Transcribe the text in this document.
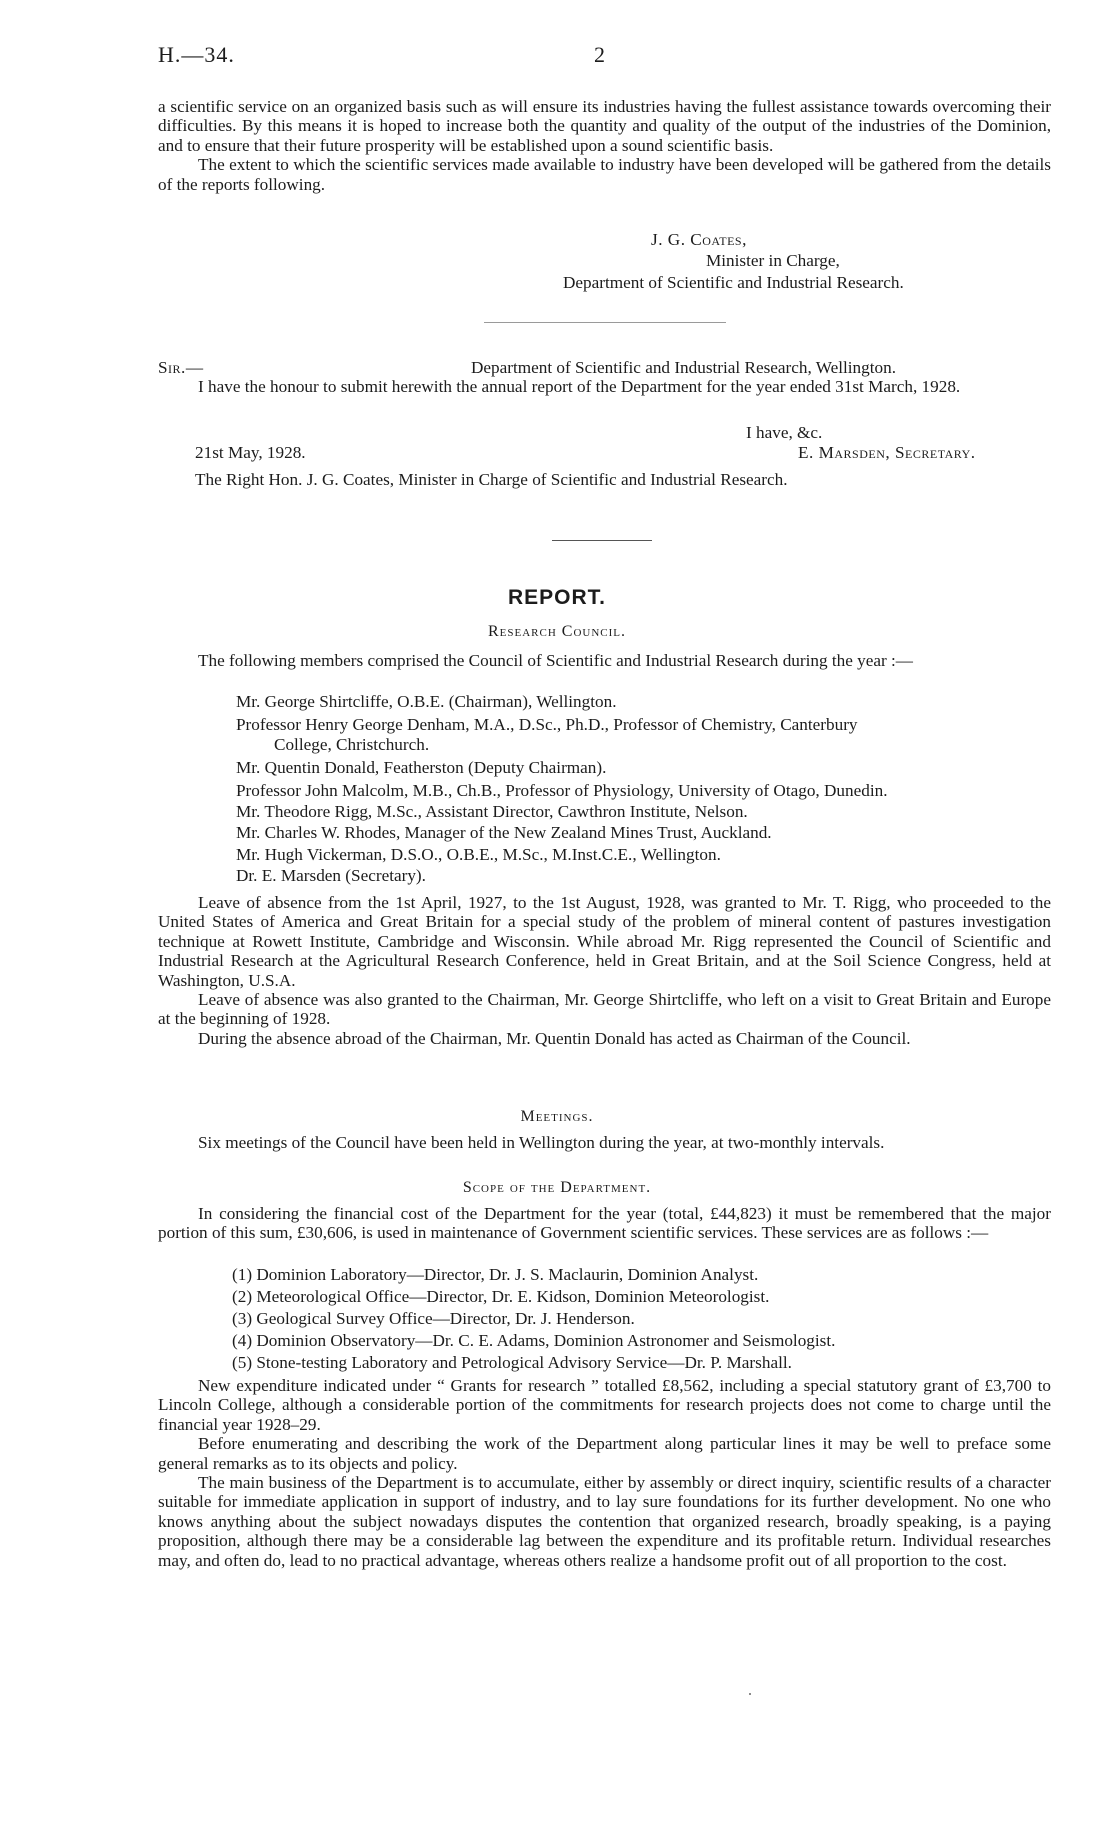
H.—34.	2

a scientific service on an organized basis such as will ensure its industries having the fullest assistance towards overcoming their difficulties. By this means it is hoped to increase both the quantity and quality of the output of the industries of the Dominion, and to ensure that their future prosperity will be established upon a sound scientific basis.

The extent to which the scientific services made available to industry have been developed will be gathered from the details of the reports following.

J. G. Coates,
Minister in Charge,
Department of Scientific and Industrial Research.
Sir.—	Department of Scientific and Industrial Research, Wellington.

I have the honour to submit herewith the annual report of the Department for the year ended 31st March, 1928.

I have, &c.
21st May, 1928.	E. Marsden, Secretary.
The Right Hon. J. G. Coates, Minister in Charge of Scientific and Industrial Research.
REPORT.
Research Council.

The following members comprised the Council of Scientific and Industrial Research during the year :—

Mr. George Shirtcliffe, O.B.E. (Chairman), Wellington.
Professor Henry George Denham, M.A., D.Sc., Ph.D., Professor of Chemistry, Canterbury
College, Christchurch.
Mr. Quentin Donald, Featherston (Deputy Chairman).
Professor John Malcolm, M.B., Ch.B., Professor of Physiology, University of Otago, Dunedin.
Mr. Theodore Rigg, M.Sc., Assistant Director, Cawthron Institute, Nelson.
Mr. Charles W. Rhodes, Manager of the New Zealand Mines Trust, Auckland.
Mr. Hugh Vickerman, D.S.O., O.B.E., M.Sc., M.Inst.C.E., Wellington.
Dr. E. Marsden (Secretary).

Leave of absence from the 1st April, 1927, to the 1st August, 1928, was granted to Mr. T. Rigg, who proceeded to the United States of America and Great Britain for a special study of the problem of mineral content of pastures investigation technique at Rowett Institute, Cambridge and Wisconsin. While abroad Mr. Rigg represented the Council of Scientific and Industrial Research at the Agricultural Research Conference, held in Great Britain, and at the Soil Science Congress, held at Washington, U.S.A.

Leave of absence was also granted to the Chairman, Mr. George Shirtcliffe, who left on a visit to Great Britain and Europe at the beginning of 1928.

During the absence abroad of the Chairman, Mr. Quentin Donald has acted as Chairman of the Council.

Meetings.

Six meetings of the Council have been held in Wellington during the year, at two-monthly intervals.

Scope of the Department.

In considering the financial cost of the Department for the year (total, £44,823) it must be remembered that the major portion of this sum, £30,606, is used in maintenance of Government scientific services. These services are as follows :—

(1) Dominion Laboratory—Director, Dr. J. S. Maclaurin, Dominion Analyst.
(2) Meteorological Office—Director, Dr. E. Kidson, Dominion Meteorologist.
(3) Geological Survey Office—Director, Dr. J. Henderson.
(4) Dominion Observatory—Dr. C. E. Adams, Dominion Astronomer and Seismologist.
(5) Stone-testing Laboratory and Petrological Advisory Service—Dr. P. Marshall.

New expenditure indicated under “ Grants for research ” totalled £8,562, including a special statutory grant of £3,700 to Lincoln College, although a considerable portion of the commitments for research projects does not come to charge until the financial year 1928–29.

Before enumerating and describing the work of the Department along particular lines it may be well to preface some general remarks as to its objects and policy.

The main business of the Department is to accumulate, either by assembly or direct inquiry, scientific results of a character suitable for immediate application in support of industry, and to lay sure foundations for its further development. No one who knows anything about the subject nowadays disputes the contention that organized research, broadly speaking, is a paying proposition, although there may be a considerable lag between the expenditure and its profitable return. Individual researches may, and often do, lead to no practical advantage, whereas others realize a handsome profit out of all proportion to the cost.
